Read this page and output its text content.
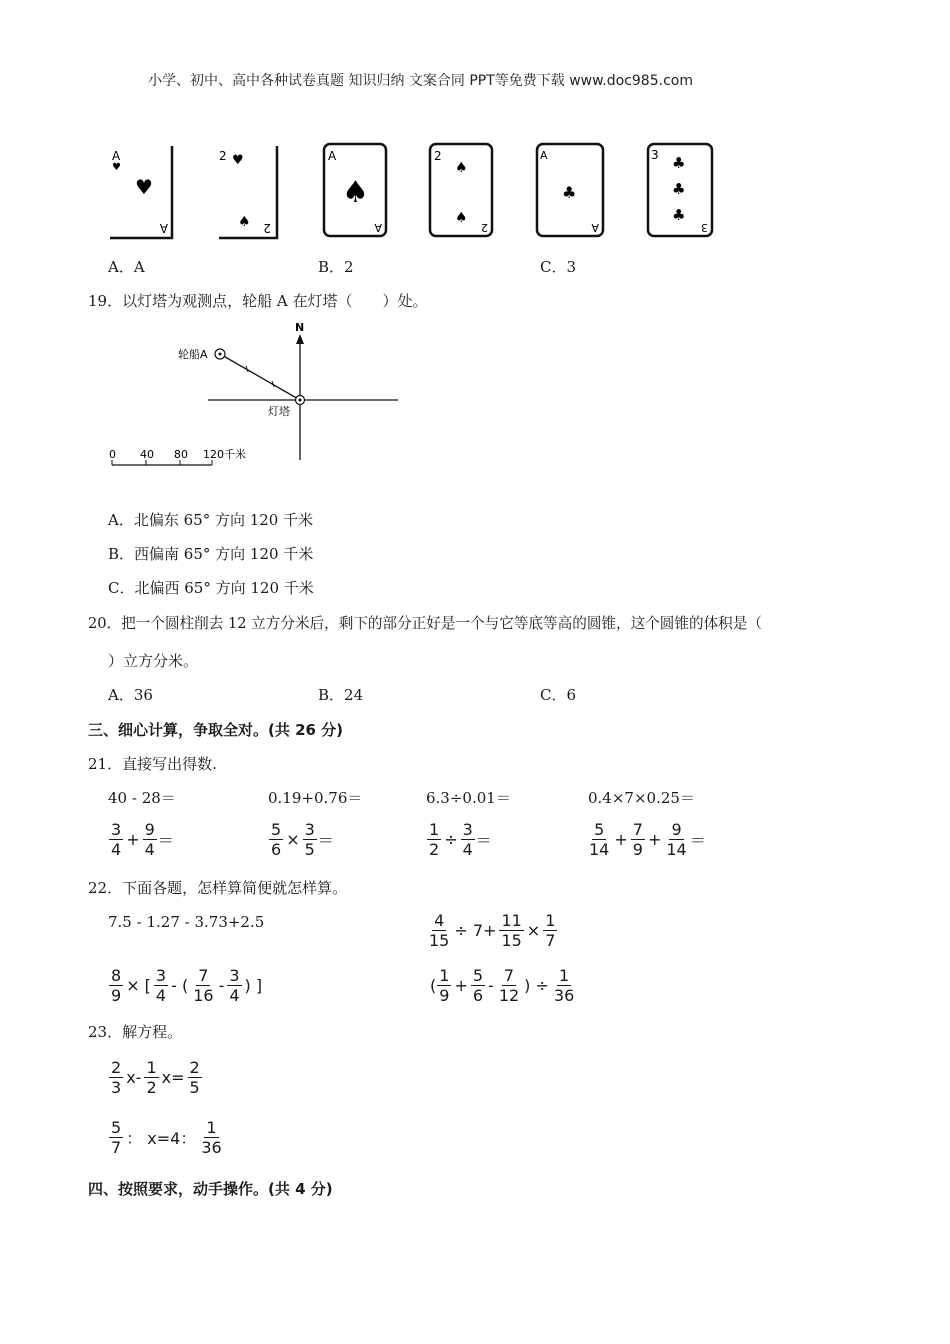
小学、初中、高中各种试卷真题 知识归纳 文案合同 PPT等免费下载 www.doc985.com
A
♥
♥
A
2 ♥
♠ 2
A
♠
A
2
♠
♠
2
A
♣
A
3 ♣
♣
♣
3
A．A	B．2	C．3
19．以灯塔为观测点，轮船 A 在灯塔（　　）处。
N
轮船A
灯塔
0 40 80 120千米
A．北偏东 65° 方向 120 千米
B．西偏南 65° 方向 120 千米
C．北偏西 65° 方向 120 千米
20．把一个圆柱削去 12 立方分米后，剩下的部分正好是一个与它等底等高的圆锥，这个圆锥的体积是（
）立方分米。
A．36	B．24	C．6
三、细心计算，争取全对。(共 26 分)
21．直接写出得数.
40 - 28＝	0.19+0.76＝	6.3÷0.01＝	0.4×7×0.25＝
$\frac{3}{4} + \frac{9}{4}$ ＝	$\frac{5}{6} \times \frac{3}{5}$ ＝	$\frac{1}{2} \div \frac{3}{4}$ ＝	$\frac{5}{14} + \frac{7}{9} + \frac{9}{14}$ ＝
22．下面各题，怎样算简便就怎样算。
7.5 - 1.27 - 3.73+2.5	$\frac{4}{15} \div 7+ \frac{11}{15} \times \frac{1}{7}$
$\frac{8}{9}$ × [ $\frac{3}{4}$ - ( $\frac{7}{16} - \frac{3}{4}$ ) ]	( $\frac{1}{9} + \frac{5}{6} - \frac{7}{12}$ ) ÷ $\frac{1}{36}$
23．解方程。
$\frac{2}{3} x- \frac{1}{2} x= \frac{2}{5}$
$\frac{5}{7}$ ： x=4： $\frac{1}{36}$
四、按照要求，动手操作。(共 4 分)
